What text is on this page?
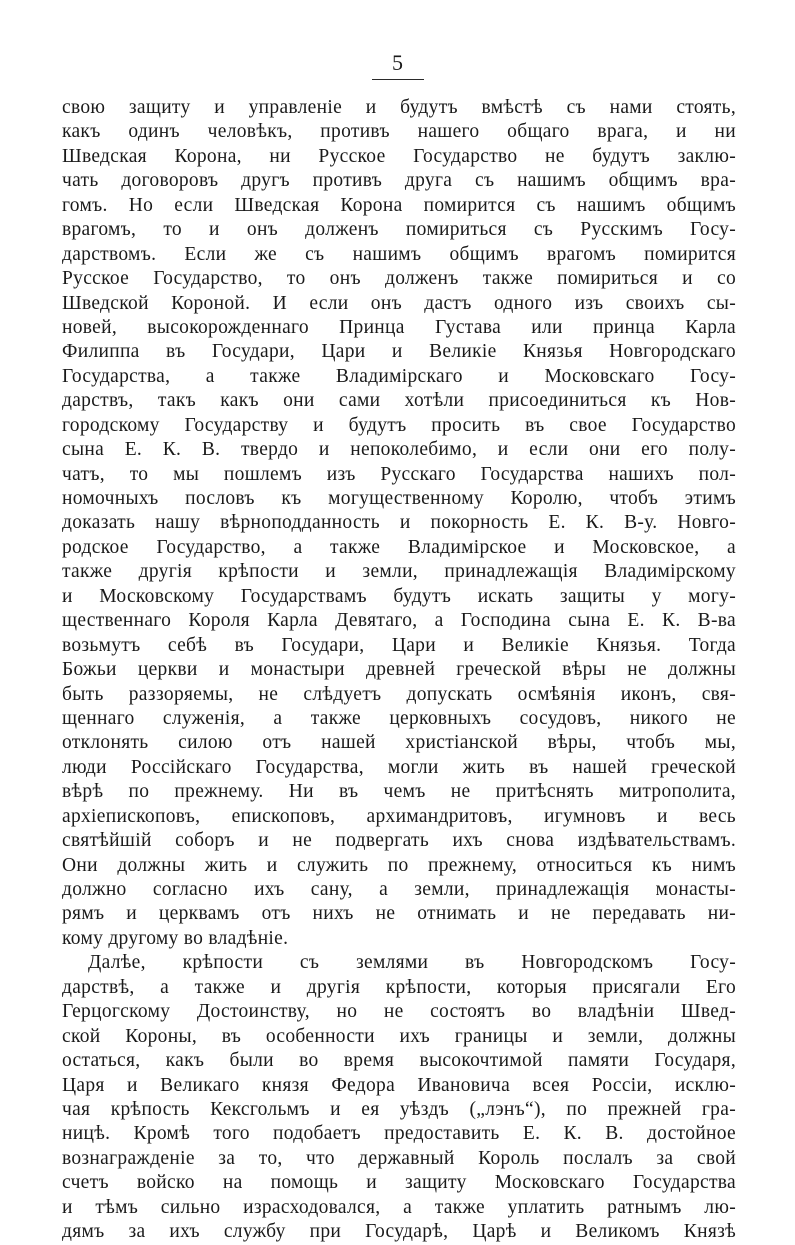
5
свою защиту и управленіе и будутъ вмѣстѣ съ нами стоять,
какъ одинъ человѣкъ, противъ нашего общаго врага, и ни
Шведская Корона, ни Русское Государство не будутъ заклю-
чать договоровъ другъ противъ друга съ нашимъ общимъ вра-
гомъ. Но если Шведская Корона помирится съ нашимъ общимъ
врагомъ, то и онъ долженъ помириться съ Русскимъ Госу-
дарствомъ. Если же съ нашимъ общимъ врагомъ помирится
Русское Государство, то онъ долженъ также помириться и со
Шведской Короной. И если онъ дастъ одного изъ своихъ сы-
новей, высокорожденнаго Принца Густава или принца Карла
Филиппа въ Государи, Цари и Великіе Князья Новгородскаго
Государства, а также Владимірскаго и Московскаго Госу-
дарствъ, такъ какъ они сами хотѣли присоединиться къ Нов-
городскому Государству и будутъ просить въ свое Государство
сына Е. К. В. твердо и непоколебимо, и если они его полу-
чатъ, то мы пошлемъ изъ Русскаго Государства нашихъ пол-
номочныхъ пословъ къ могущественному Королю, чтобъ этимъ
доказать нашу вѣрноподданность и покорность Е. К. В-у. Новго-
родское Государство, а также Владимірское и Московское, а
также другія крѣпости и земли, принадлежащія Владимірскому
и Московскому Государствамъ будутъ искать защиты у могу-
щественнаго Короля Карла Девятаго, а Господина сына Е. К. В-ва
возьмутъ себѣ въ Государи, Цари и Великіе Князья. Тогда
Божьи церкви и монастыри древней греческой вѣры не должны
быть раззоряемы, не слѣдуетъ допускать осмѣянія иконъ, свя-
щеннаго служенія, а также церковныхъ сосудовъ, никого не
отклонять силою отъ нашей христіанской вѣры, чтобъ мы,
люди Россійскаго Государства, могли жить въ нашей греческой
вѣрѣ по прежнему. Ни въ чемъ не притѣснять митрополита,
архіепископовъ, епископовъ, архимандритовъ, игумновъ и весь
святѣйшій соборъ и не подвергать ихъ снова издѣвательствамъ.
Они должны жить и служить по прежнему, относиться къ нимъ
должно согласно ихъ сану, а земли, принадлежащія монасты-
рямъ и церквамъ отъ нихъ не отнимать и не передавать ни-
кому другому во владѣніе.
Далѣе, крѣпости съ землями въ Новгородскомъ Госу-
дарствѣ, а также и другія крѣпости, которыя присягали Его
Герцогскому Достоинству, но не состоятъ во владѣніи Швед-
ской Короны, въ особенности ихъ границы и земли, должны
остаться, какъ были во время высокочтимой памяти Государя,
Царя и Великаго князя Федора Ивановича всея Россіи, исклю-
чая крѣпость Кексгольмъ и ея уѣздъ („лэнъ“), по прежней гра-
ницѣ. Кромѣ того подобаетъ предоставить Е. К. В. достойное
вознагражденіе за то, что державный Король послалъ за свой
счетъ войско на помощь и защиту Московскаго Государства
и тѣмъ сильно израсходовался, а также уплатить ратнымъ лю-
дямъ за ихъ службу при Государѣ, Царѣ и Великомъ Князѣ
